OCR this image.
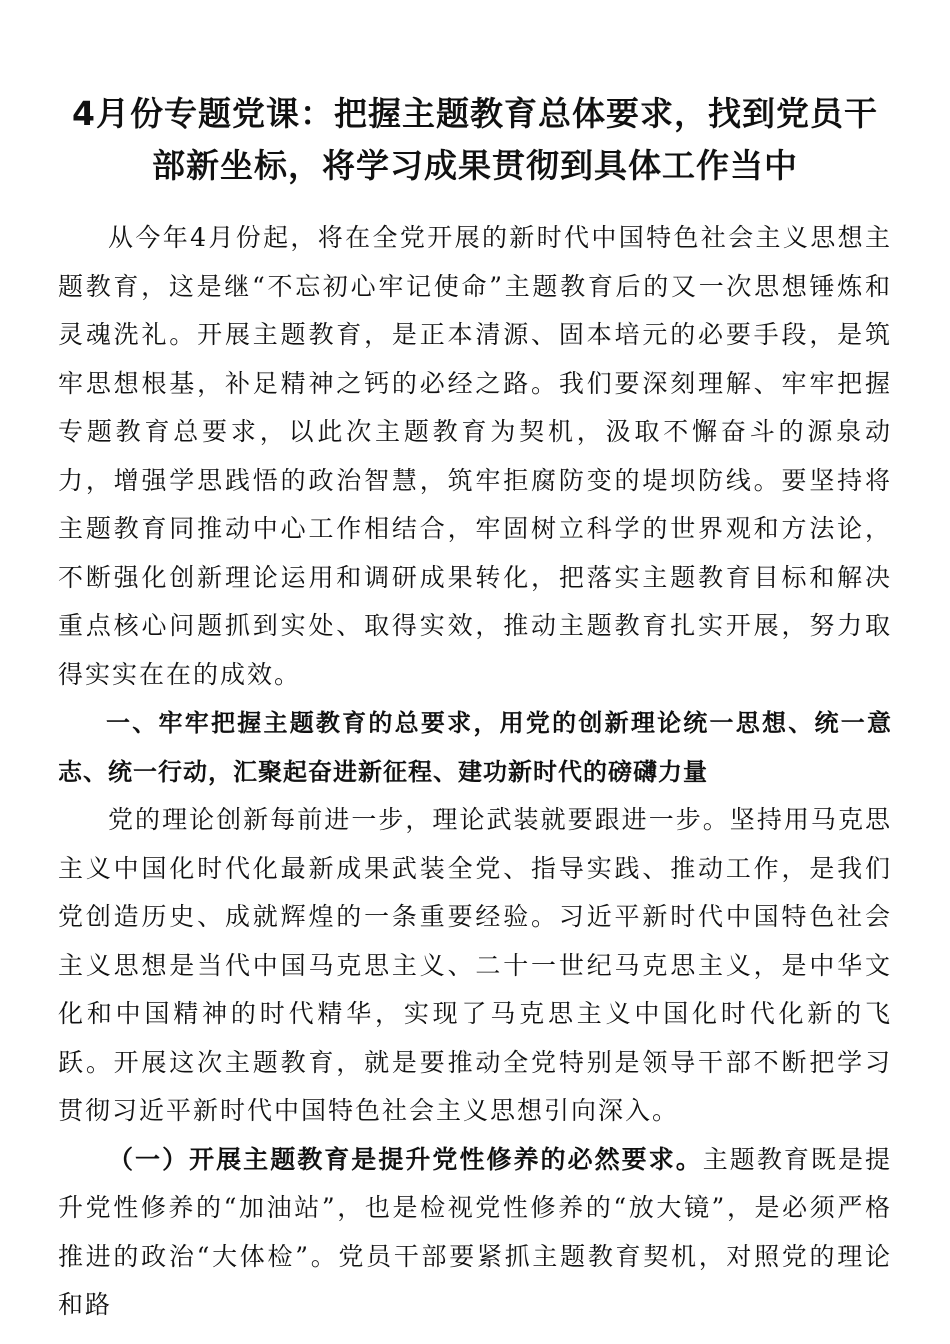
4月份专题党课：把握主题教育总体要求，找到党员干部新坐标，将学习成果贯彻到具体工作当中

从今年4月份起，将在全党开展的新时代中国特色社会主义思想主题教育，这是继“不忘初心牢记使命”主题教育后的又一次思想锤炼和灵魂洗礼。开展主题教育，是正本清源、固本培元的必要手段，是筑牢思想根基，补足精神之钙的必经之路。我们要深刻理解、牢牢把握专题教育总要求，以此次主题教育为契机，汲取不懈奋斗的源泉动力，增强学思践悟的政治智慧，筑牢拒腐防变的堤坝防线。要坚持将主题教育同推动中心工作相结合，牢固树立科学的世界观和方法论，不断强化创新理论运用和调研成果转化，把落实主题教育目标和解决重点核心问题抓到实处、取得实效，推动主题教育扎实开展，努力取得实实在在的成效。

一、牢牢把握主题教育的总要求，用党的创新理论统一思想、统一意志、统一行动，汇聚起奋进新征程、建功新时代的磅礴力量

党的理论创新每前进一步，理论武装就要跟进一步。坚持用马克思主义中国化时代化最新成果武装全党、指导实践、推动工作，是我们党创造历史、成就辉煌的一条重要经验。习近平新时代中国特色社会主义思想是当代中国马克思主义、二十一世纪马克思主义，是中华文化和中国精神的时代精华，实现了马克思主义中国化时代化新的飞跃。开展这次主题教育，就是要推动全党特别是领导干部不断把学习贯彻习近平新时代中国特色社会主义思想引向深入。

（一）开展主题教育是提升党性修养的必然要求。主题教育既是提升党性修养的“加油站”，也是检视党性修养的“放大镜”，是必须严格推进的政治“大体检”。党员干部要紧抓主题教育契机，对照党的理论和路
